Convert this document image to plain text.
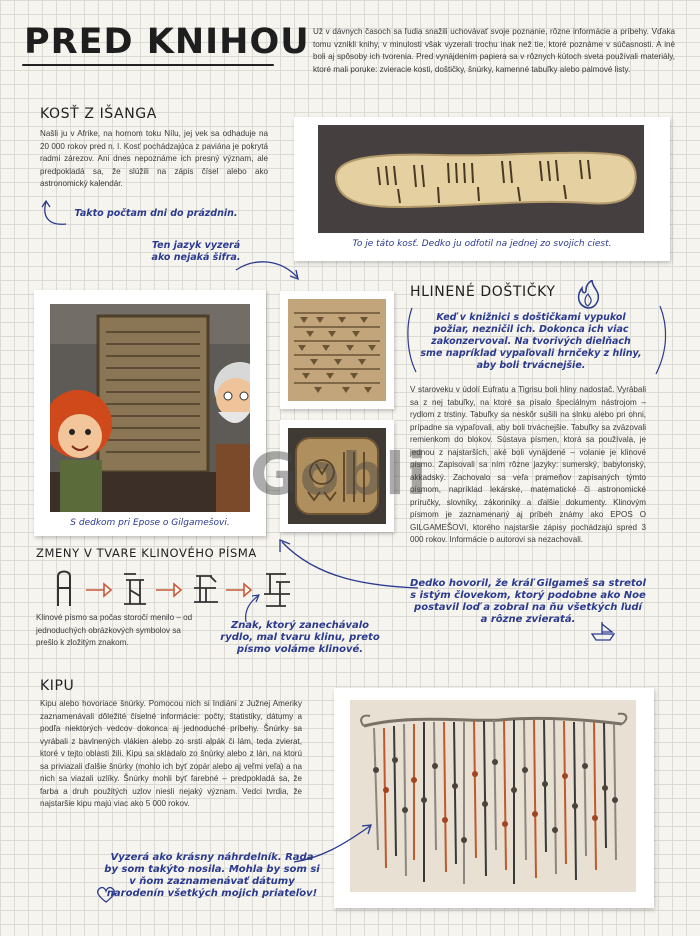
PRED KNIHOU Už v dávnych časoch sa ľudia snažili uchovávať svoje poznanie, rôzne informácie a príbehy. Vďaka tomu vznikli knihy, v minulosti však vyzerali trochu inak než tie, ktoré poznáme v súčasnosti. A iné boli aj spôsoby ich tvorenia. Pred vynájdením papiera sa v rôznych kútoch sveta používali materiály, ktoré mali poruke: zvieracie kosti, doštičky, šnúrky, kamenné tabuľky alebo palmové listy.

KOSŤ Z IŠANGA

Našli ju v Afrike, na hornom toku Nílu, jej vek sa odhaduje na 20 000 rokov pred n. l. Kosť pochádzajúca z paviána je pokrytá radmi zárezov. Ani dnes nepoznáme ich presný význam, ale predpokladá sa, že slúžili na zápis čísel alebo ako astronomický kalendár.

Takto počtam dni do prázdnin.

To je táto kosť. Dedko ju odfotil na jednej zo svojich ciest.

Ten jazyk vyzerá ako nejaká šifra.

S dedkom pri Epose o Gilgamešovi.
HLINENÉ DOŠTIČKY

Keď v knižnici s doštičkami vypukol požiar, nezničil ich. Dokonca ich viac zakonzervoval. Na tvorivých dielňach sme napríklad vypaľovali hrnčeky z hliny, aby boli trvácnejšie.

V staroveku v údolí Eufratu a Tigrisu boli hliny nadostač. Vyrábali sa z nej tabuľky, na ktoré sa písalo špeciálnym nástrojom – rydlom z trstiny. Tabuľky sa neskôr sušili na slnku alebo pri ohni, prípadne sa vypaľovali, aby boli trvácnejšie. Tabuľky sa zväzovali remienkom do blokov. Sústava písmen, ktorá sa používala, je jednou z najstarších, aké boli vynájdené – volanie je klinové písmo. Zapisovali sa ním rôzne jazyky: sumerský, babylonský, akkadský. Zachovalo sa veľa prameňov zapísaných týmto písmom, napríklad lekárske, matematické či astronomické príručky, slovníky, zákonníky a ďalšie dokumenty. Klinovým písmom je zaznamenaný aj príbeh známy ako EPOS O GILGAMEŠOVI, ktorého najstaršie zápisy pochádzajú spred 3 000 rokov. Informácie o autorovi sa nezachovali.

Gobli
ZMENY V TVARE KLINOVÉHO PÍSMA

Klinové písmo sa počas storočí menilo – od jednoduchých obrázkových symbolov sa prešlo k zložitým znakom.

Znak, ktorý zanechávalo rydlo, mal tvaru klinu, preto písmo voláme klinové.

Dedko hovoril, že kráľ Gilgameš sa stretol s istým človekom, ktorý podobne ako Noe postavil loď a zobral na ňu všetkých ľudí a rôzne zvieratá.

KIPU

Kipu alebo hovoriace šnúrky. Pomocou nich si Indiáni z Južnej Ameriky zaznamenávali dôležité číselné informácie: počty, štatistiky, dátumy a podľa niektorých vedcov dokonca aj jednoduché príbehy. Šnúrky sa vyrábali z bavlnených vlákien alebo zo srsti alpák či lám, teda zvierat, ktoré v tejto oblasti žili. Kipu sa skladalo zo šnúrky alebo z lán, na ktorú sa priviazali ďalšie šnúrky (mohlo ich byť zopár alebo aj veľmi veľa) a na nich sa viazali uzlíky. Šnúrky mohli byť farebné – predpokladá sa, že farba a druh použitých uzlov niesli nejaký význam. Vedci tvrdia, že najstaršie kipu majú viac ako 5 000 rokov.

Vyzerá ako krásny náhrdelník. Rada by som takýto nosila. Mohla by som si v ňom zaznamenávať dátumy narodenín všetkých mojich priateľov!
